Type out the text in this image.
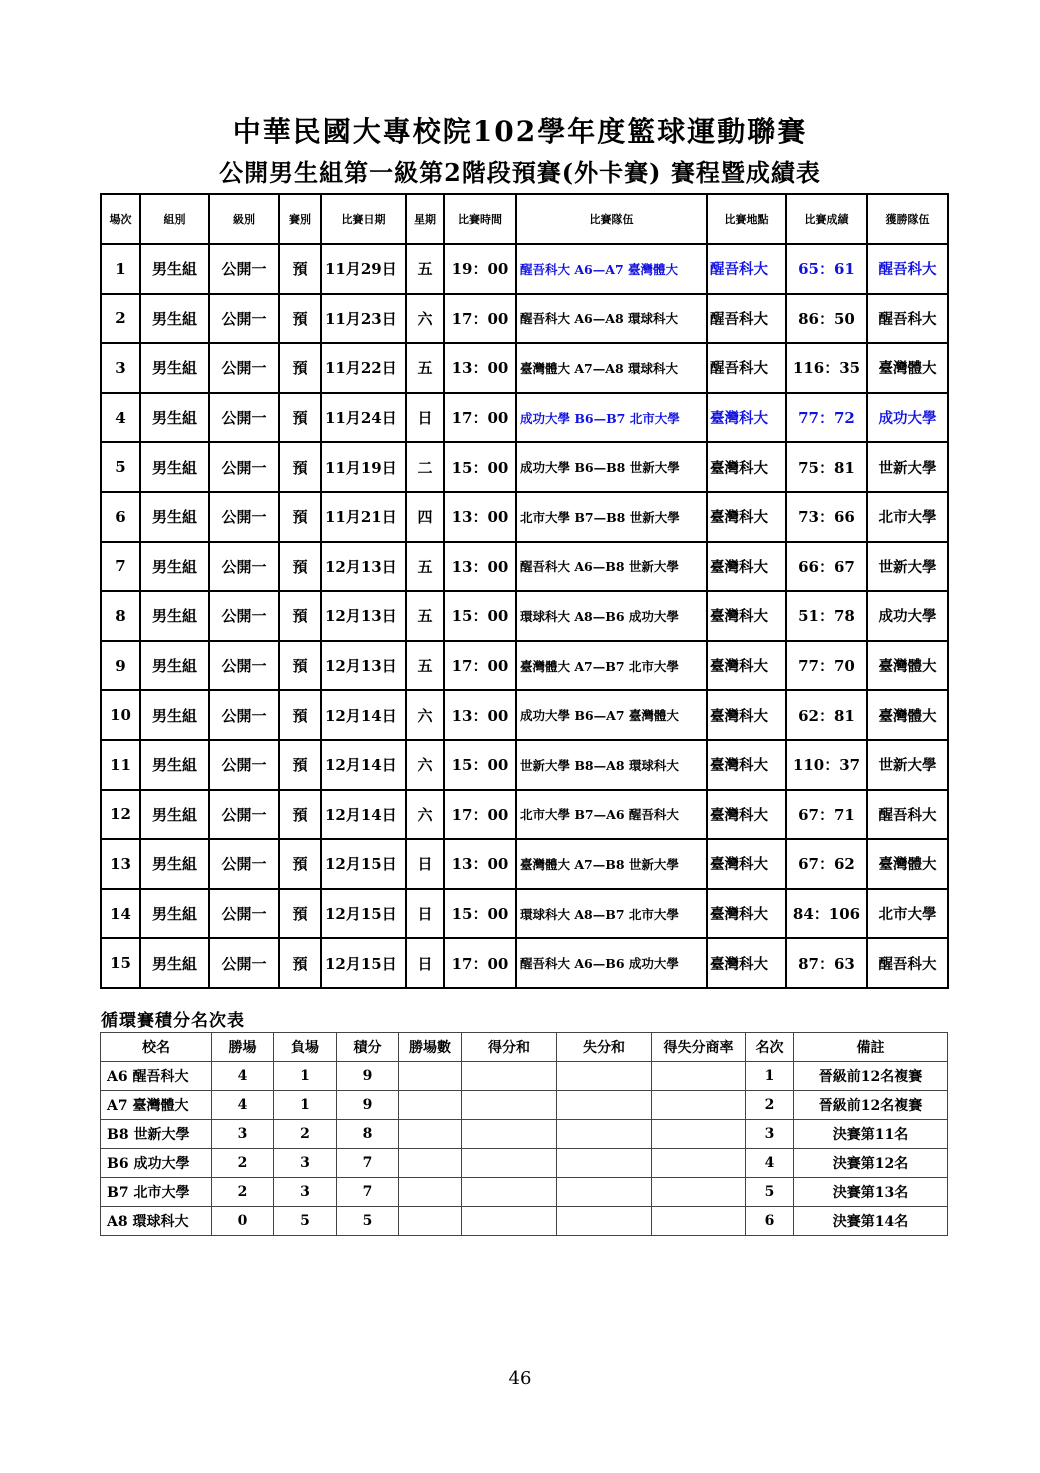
中華民國大專校院102學年度籃球運動聯賽
公開男生組第一級第2階段預賽(外卡賽) 賽程暨成績表
場次	組別	級別	賽別	比賽日期	星期	比賽時間	比賽隊伍	比賽地點	比賽成績	獲勝隊伍
1	男生組	公開一	預	11月29日	五	19：00	醒吾科大 A6—A7 臺灣體大	醒吾科大	65：61	醒吾科大
2	男生組	公開一	預	11月23日	六	17：00	醒吾科大 A6—A8 環球科大	醒吾科大	86：50	醒吾科大
3	男生組	公開一	預	11月22日	五	13：00	臺灣體大 A7—A8 環球科大	醒吾科大	116：35	臺灣體大
4	男生組	公開一	預	11月24日	日	17：00	成功大學 B6—B7 北市大學	臺灣科大	77：72	成功大學
5	男生組	公開一	預	11月19日	二	15：00	成功大學 B6—B8 世新大學	臺灣科大	75：81	世新大學
6	男生組	公開一	預	11月21日	四	13：00	北市大學 B7—B8 世新大學	臺灣科大	73：66	北市大學
7	男生組	公開一	預	12月13日	五	13：00	醒吾科大 A6—B8 世新大學	臺灣科大	66：67	世新大學
8	男生組	公開一	預	12月13日	五	15：00	環球科大 A8—B6 成功大學	臺灣科大	51：78	成功大學
9	男生組	公開一	預	12月13日	五	17：00	臺灣體大 A7—B7 北市大學	臺灣科大	77：70	臺灣體大
10	男生組	公開一	預	12月14日	六	13：00	成功大學 B6—A7 臺灣體大	臺灣科大	62：81	臺灣體大
11	男生組	公開一	預	12月14日	六	15：00	世新大學 B8—A8 環球科大	臺灣科大	110：37	世新大學
12	男生組	公開一	預	12月14日	六	17：00	北市大學 B7—A6 醒吾科大	臺灣科大	67：71	醒吾科大
13	男生組	公開一	預	12月15日	日	13：00	臺灣體大 A7—B8 世新大學	臺灣科大	67：62	臺灣體大
14	男生組	公開一	預	12月15日	日	15：00	環球科大 A8—B7 北市大學	臺灣科大	84：106	北市大學
15	男生組	公開一	預	12月15日	日	17：00	醒吾科大 A6—B6 成功大學	臺灣科大	87：63	醒吾科大
循環賽積分名次表
校名	勝場	負場	積分	勝場數	得分和	失分和	得失分商率	名次	備註
A6 醒吾科大	4	1	9					1	晉級前12名複賽
A7 臺灣體大	4	1	9					2	晉級前12名複賽
B8 世新大學	3	2	8					3	決賽第11名
B6 成功大學	2	3	7					4	決賽第12名
B7 北市大學	2	3	7					5	決賽第13名
A8 環球科大	0	5	5					6	決賽第14名
46
